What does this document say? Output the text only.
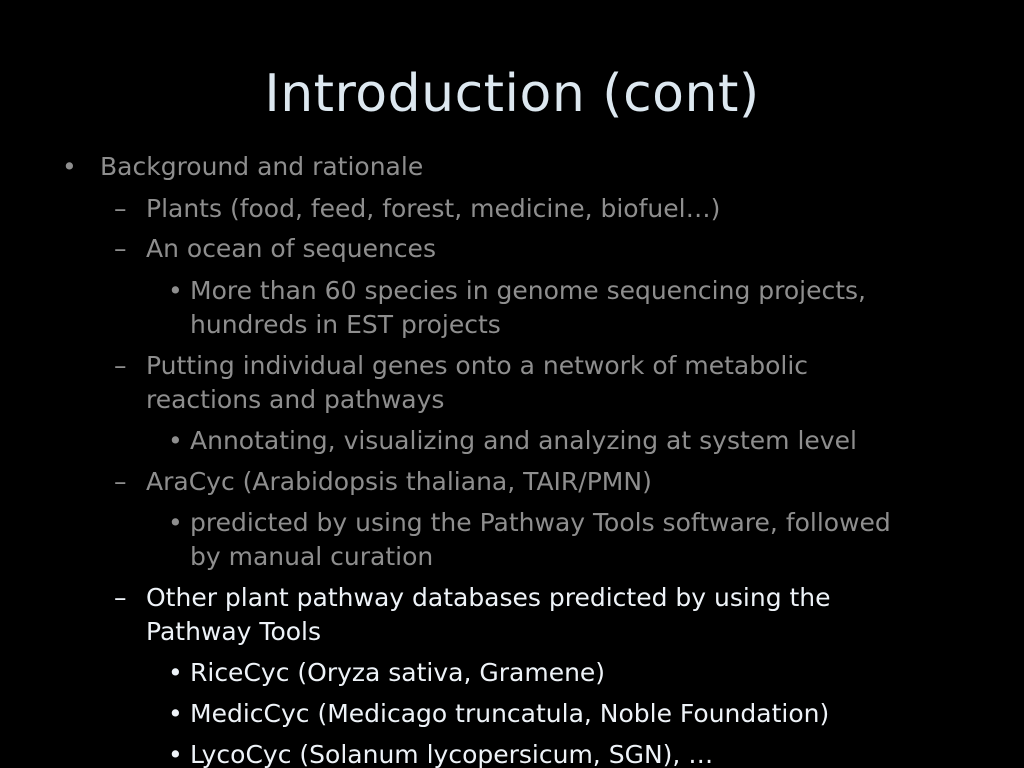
Introduction (cont)
• Background and rationale
– Plants (food, feed, forest, medicine, biofuel…)
– An ocean of sequences
• More than 60 species in genome sequencing projects,
hundreds in EST projects
– Putting individual genes onto a network of metabolic
reactions and pathways
• Annotating, visualizing and analyzing at system level
– AraCyc (Arabidopsis thaliana, TAIR/PMN)
• predicted by using the Pathway Tools software, followed
by manual curation
– Other plant pathway databases predicted by using the
Pathway Tools
• RiceCyc (Oryza sativa, Gramene)
• MedicCyc (Medicago truncatula, Noble Foundation)
• LycoCyc (Solanum lycopersicum, SGN), …
